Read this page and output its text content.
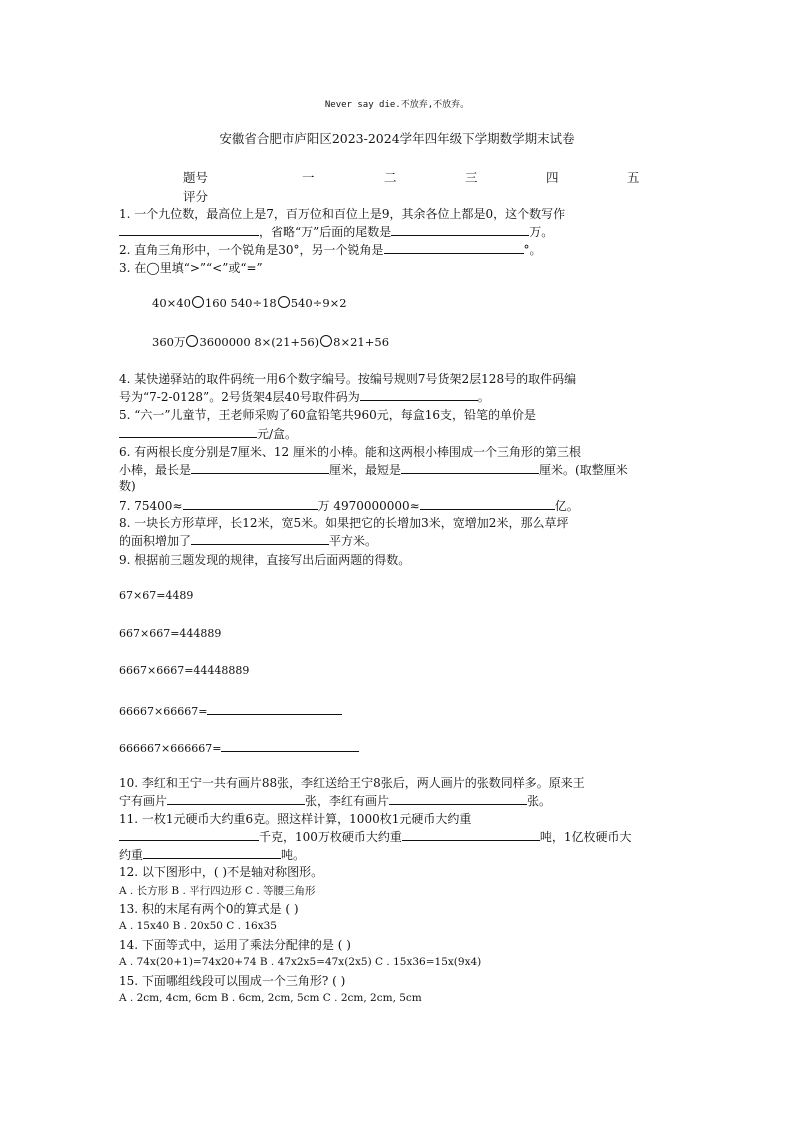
Never say die.不放弃,不放弃。
安徽省合肥市庐阳区2023-2024学年四年级下学期数学期末试卷
题号	一	二	三	四	五
评分
1. 一个九位数，最高位上是7，百万位和百位上是9，其余各位上都是0，这个数写作
，省略“万”后面的尾数是	万。
2. 直角三角形中，一个锐角是30°，另一个锐角是	°。
3. 在◯里填“>”“<”或“=”
40×40 160 540÷18 540÷9×2
360万 3600000 8×(21+56) 8×21+56
4. 某快递驿站的取件码统一用6个数字编号。按编号规则7号货架2层128号的取件码编
号为“7-2-0128”。2号货架4层40号取件码为	。
5. “六一”儿童节，王老师采购了60盒铅笔共960元，每盒16支，铅笔的单价是
元/盒。
6. 有两根长度分别是7厘米、12 厘米的小棒。能和这两根小棒围成一个三角形的第三根
小棒，最长是	厘米，最短是	厘米。(取整厘米
数)
7. 75400≈	万 4970000000≈	亿。
8. 一块长方形草坪，长12米，宽5米。如果把它的长增加3米，宽增加2米，那么草坪
的面积增加了	平方米。
9. 根据前三题发现的规律，直接写出后面两题的得数。
67×67=4489
667×667=444889
6667×6667=44448889
66667×66667=
666667×666667=
10. 李红和王宁一共有画片88张，李红送给王宁8张后，两人画片的张数同样多。原来王
宁有画片	张，李红有画片	张。
11. 一枚1元硬币大约重6克。照这样计算，1000枚1元硬币大约重
千克，100万枚硬币大约重	吨，1亿枚硬币大
约重	吨。
12. 以下图形中，( )不是轴对称图形。
A . 长方形 B . 平行四边形 C . 等腰三角形
13. 积的末尾有两个0的算式是 ( )
A . 15x40 B . 20x50 C . 16x35
14. 下面等式中，运用了乘法分配律的是 ( )
A . 74x(20+1)=74x20+74 B . 47x2x5=47x(2x5) C . 15x36=15x(9x4)
15. 下面哪组线段可以围成一个三角形? ( )
A . 2cm, 4cm, 6cm B . 6cm, 2cm, 5cm C . 2cm, 2cm, 5cm
